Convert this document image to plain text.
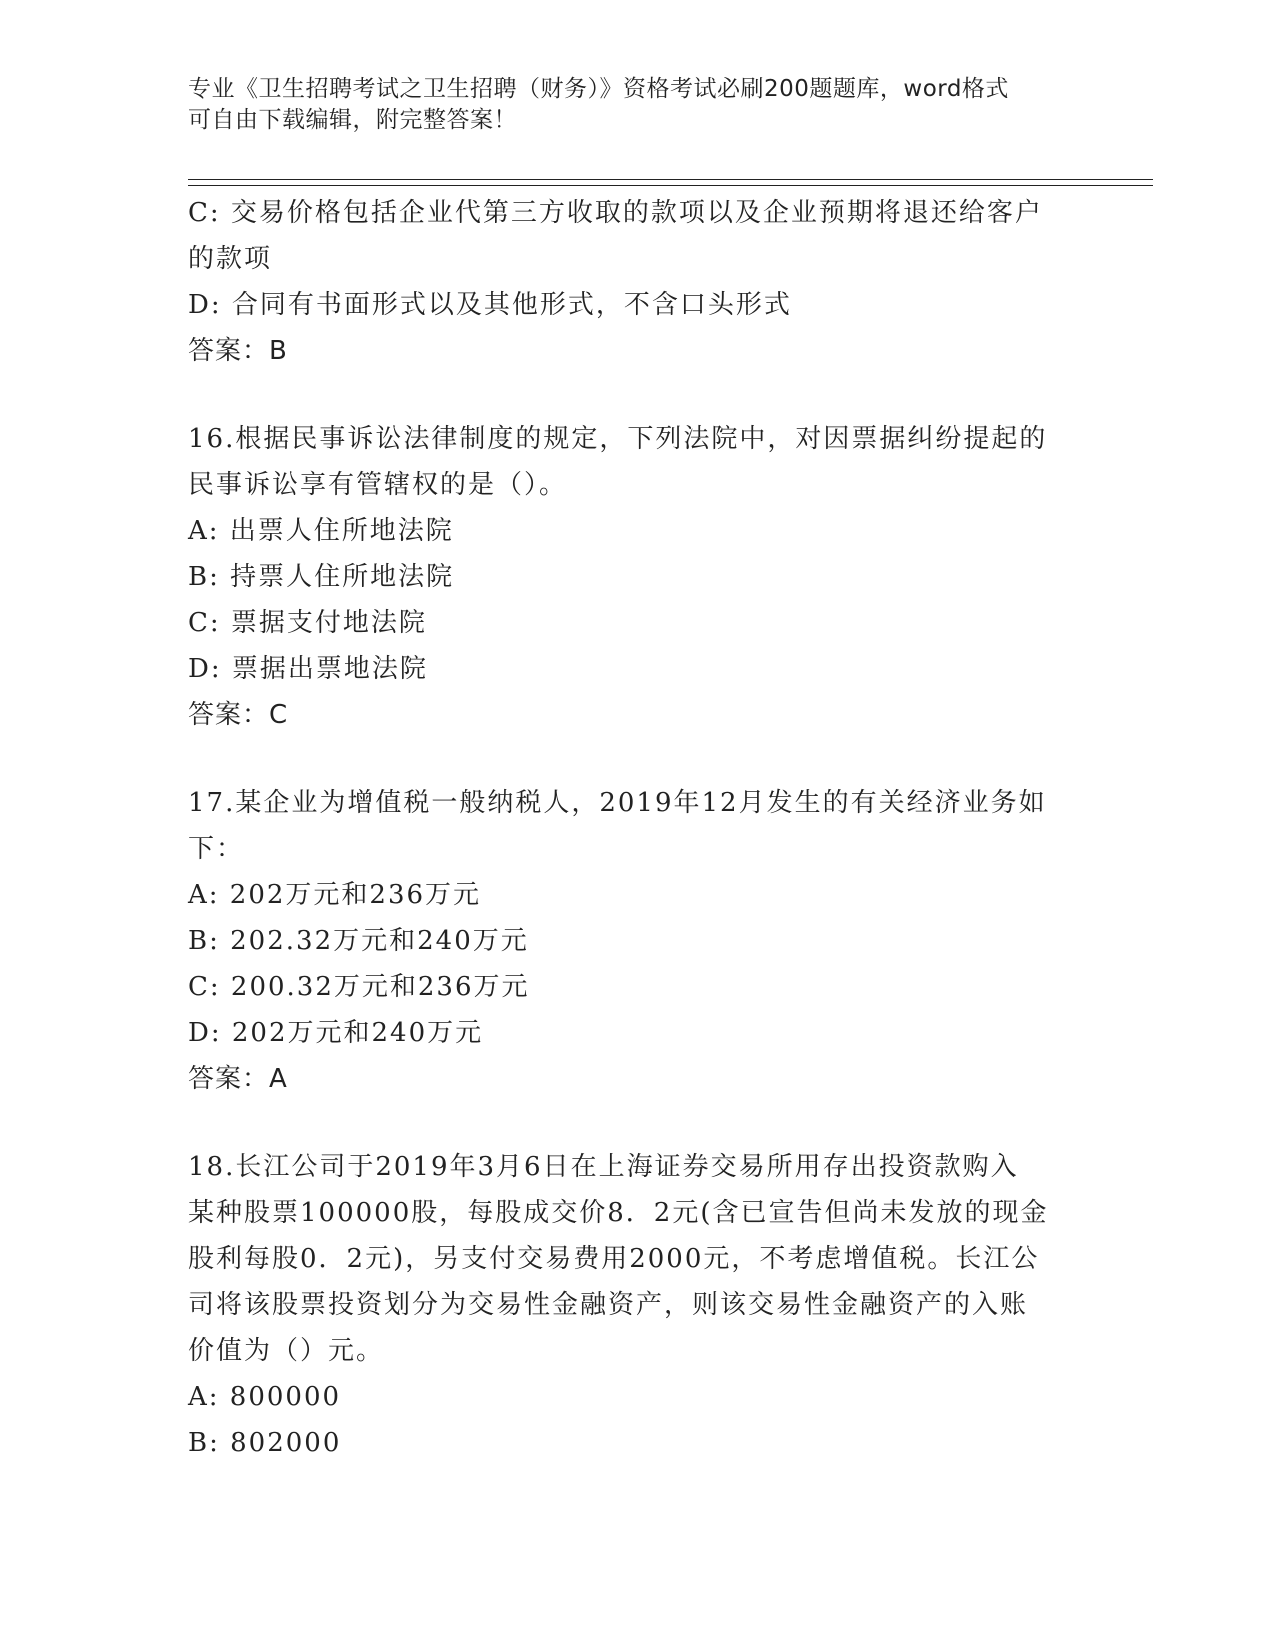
专业《卫生招聘考试之卫生招聘（财务）》资格考试必刷200题题库，word格式
可自由下载编辑，附完整答案！
C: 交易价格包括企业代第三方收取的款项以及企业预期将退还给客户
的款项
D: 合同有书面形式以及其他形式，不含口头形式
答案：B
16.根据民事诉讼法律制度的规定，下列法院中，对因票据纠纷提起的
民事诉讼享有管辖权的是（）。
A: 出票人住所地法院
B: 持票人住所地法院
C: 票据支付地法院
D: 票据出票地法院
答案：C
17.某企业为增值税一般纳税人，2019年12月发生的有关经济业务如
下：
A: 202万元和236万元
B: 202.32万元和240万元
C: 200.32万元和236万元
D: 202万元和240万元
答案：A
18.长江公司于2019年3月6日在上海证券交易所用存出投资款购入
某种股票100000股，每股成交价8．2元(含已宣告但尚未发放的现金
股利每股0．2元)，另支付交易费用2000元，不考虑增值税。长江公
司将该股票投资划分为交易性金融资产，则该交易性金融资产的入账
价值为（）元。
A: 800000
B: 802000
